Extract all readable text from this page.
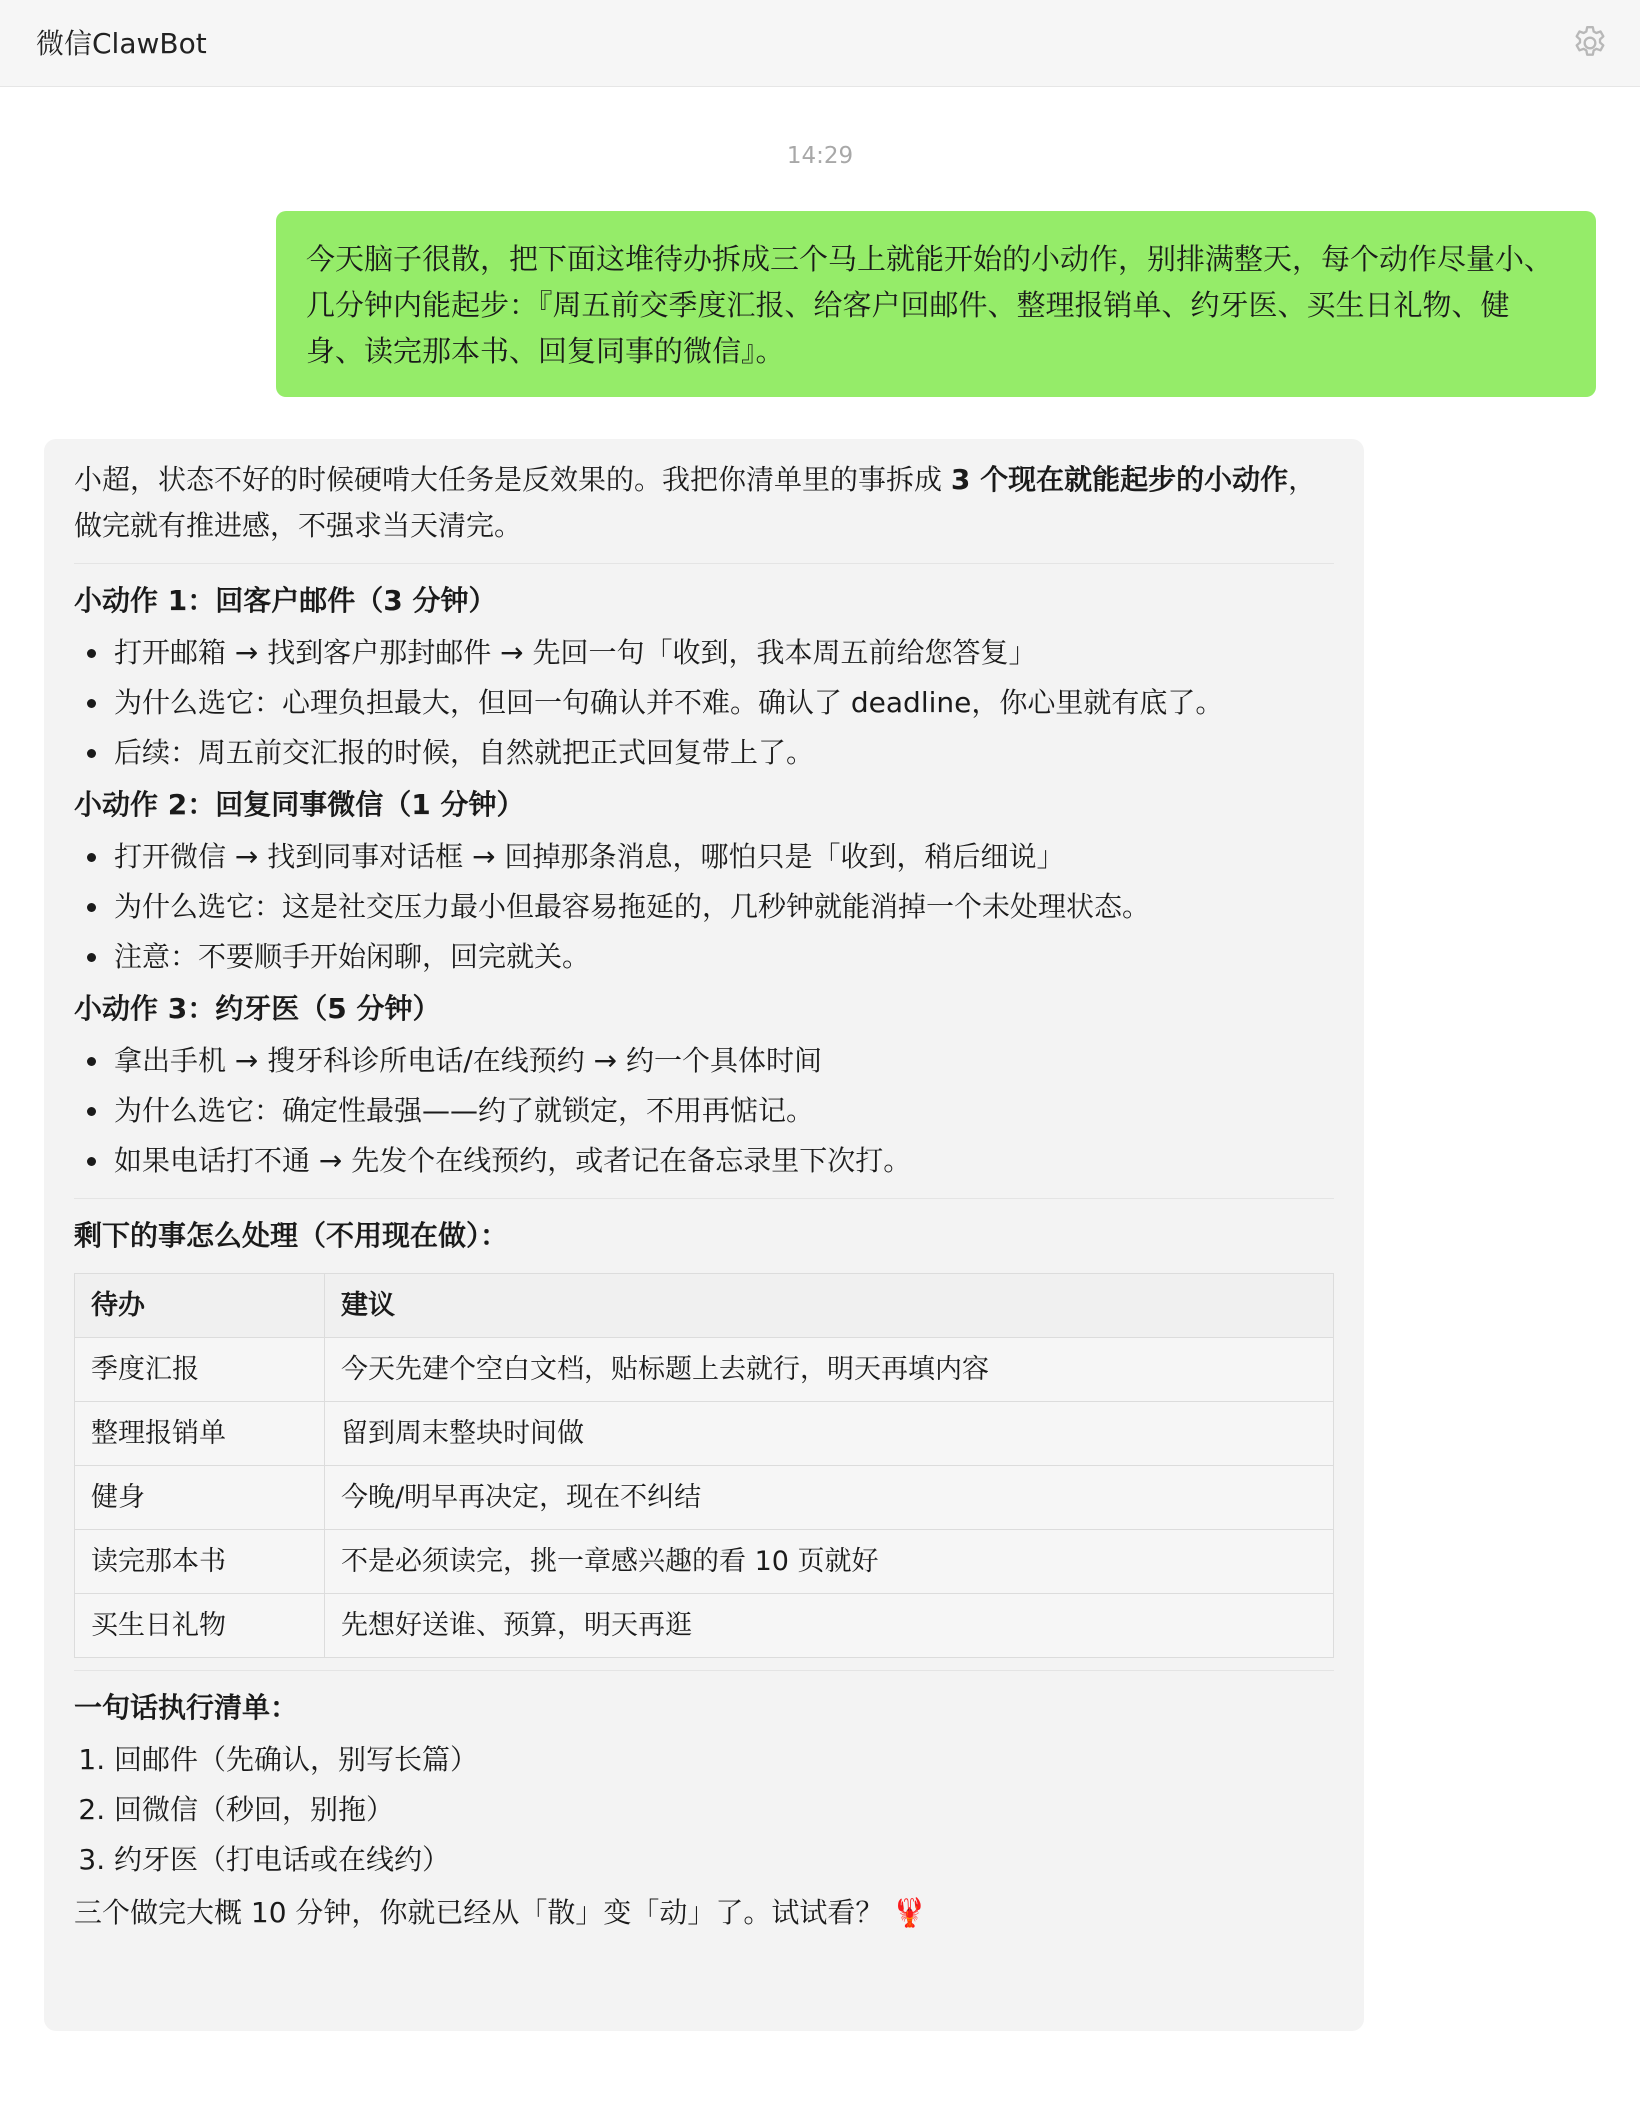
微信ClawBot
14:29
今天脑子很散，把下面这堆待办拆成三个马上就能开始的小动作，别排满整天，每个动作尽量小、几分钟内能起步：『周五前交季度汇报、给客户回邮件、整理报销单、约牙医、买生日礼物、健身、读完那本书、回复同事的微信』。

小超，状态不好的时候硬啃大任务是反效果的。我把你清单里的事拆成 3 个现在就能起步的小动作，做完就有推进感，不强求当天清完。

小动作 1：回客户邮件（3 分钟）

打开邮箱 → 找到客户那封邮件 → 先回一句「收到，我本周五前给您答复」
为什么选它：心理负担最大，但回一句确认并不难。确认了 deadline，你心里就有底了。
后续：周五前交汇报的时候，自然就把正式回复带上了。

小动作 2：回复同事微信（1 分钟）

打开微信 → 找到同事对话框 → 回掉那条消息，哪怕只是「收到，稍后细说」
为什么选它：这是社交压力最小但最容易拖延的，几秒钟就能消掉一个未处理状态。
注意：不要顺手开始闲聊，回完就关。

小动作 3：约牙医（5 分钟）

拿出手机 → 搜牙科诊所电话/在线预约 → 约一个具体时间
为什么选它：确定性最强——约了就锁定，不用再惦记。
如果电话打不通 → 先发个在线预约，或者记在备忘录里下次打。

剩下的事怎么处理（不用现在做）：

待办	建议
季度汇报	今天先建个空白文档，贴标题上去就行，明天再填内容
整理报销单	留到周末整块时间做
健身	今晚/明早再决定，现在不纠结
读完那本书	不是必须读完，挑一章感兴趣的看 10 页就好
买生日礼物	先想好送谁、预算，明天再逛

一句话执行清单：

1. 回邮件（先确认，别写长篇）
2. 回微信（秒回，别拖）
3. 约牙医（打电话或在线约）

三个做完大概 10 分钟，你就已经从「散」变「动」了。试试看？ 🦞
